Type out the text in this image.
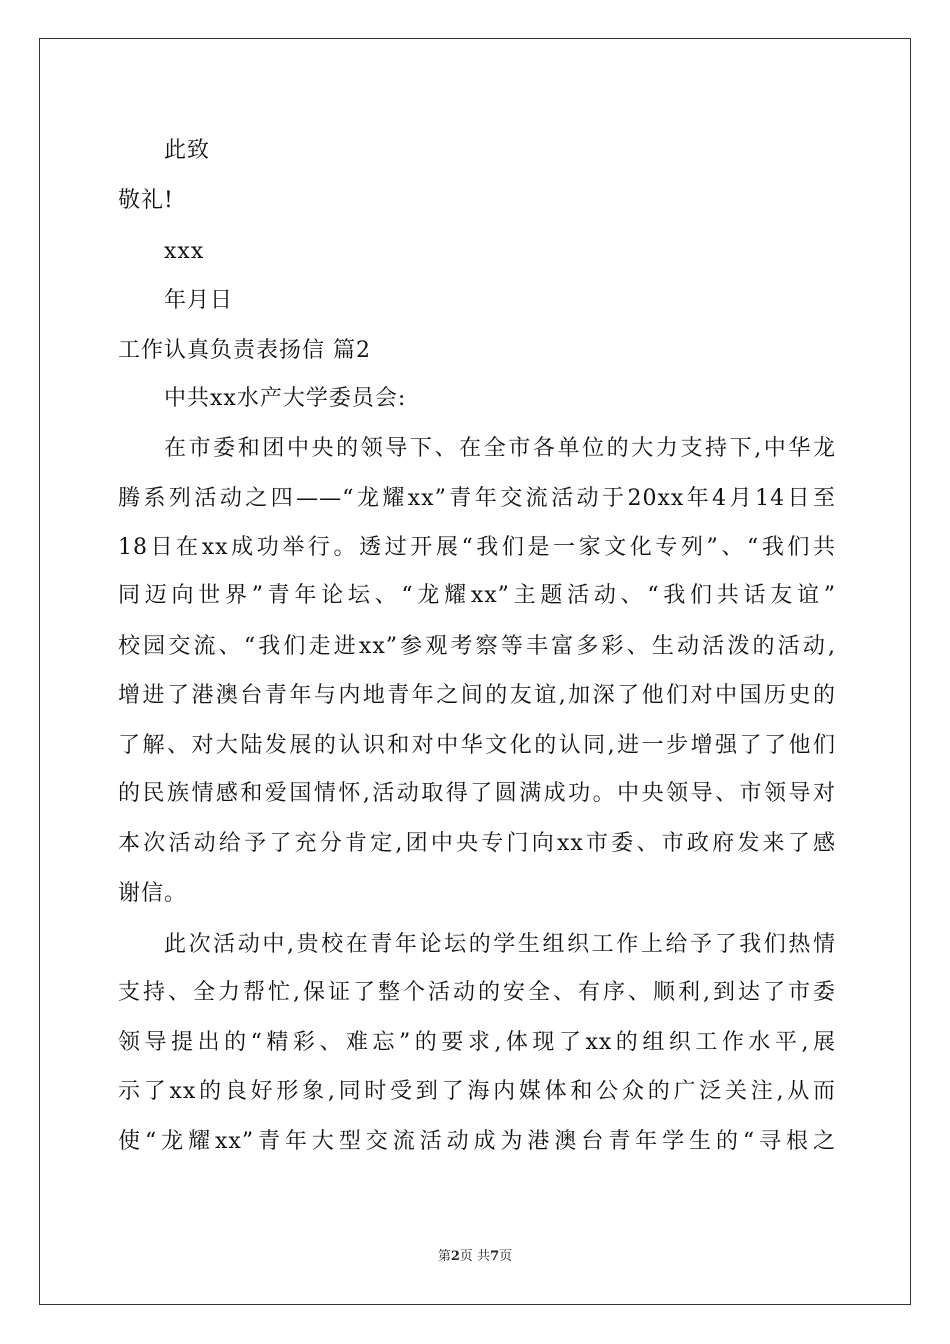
此致
敬礼!
xxx
年月日
工作认真负责表扬信 篇2
中共xx水产大学委员会:
在市委和团中央的领导下、在全市各单位的大力支持下,中华龙
腾系列活动之四——“龙耀xx”青年交流活动于20xx年4月14日至
18日在xx成功举行。透过开展“我们是一家文化专列”、“我们共
同迈向世界”青年论坛、“龙耀xx”主题活动、“我们共话友谊”
校园交流、“我们走进xx”参观考察等丰富多彩、生动活泼的活动,
增进了港澳台青年与内地青年之间的友谊,加深了他们对中国历史的
了解、对大陆发展的认识和对中华文化的认同,进一步增强了了他们
的民族情感和爱国情怀,活动取得了圆满成功。中央领导、市领导对
本次活动给予了充分肯定,团中央专门向xx市委、市政府发来了感
谢信。
此次活动中,贵校在青年论坛的学生组织工作上给予了我们热情
支持、全力帮忙,保证了整个活动的安全、有序、顺利,到达了市委
领导提出的“精彩、难忘”的要求,体现了xx的组织工作水平,展
示了xx的良好形象,同时受到了海内媒体和公众的广泛关注,从而
使“龙耀xx”青年大型交流活动成为港澳台青年学生的“寻根之
第2页 共7页
